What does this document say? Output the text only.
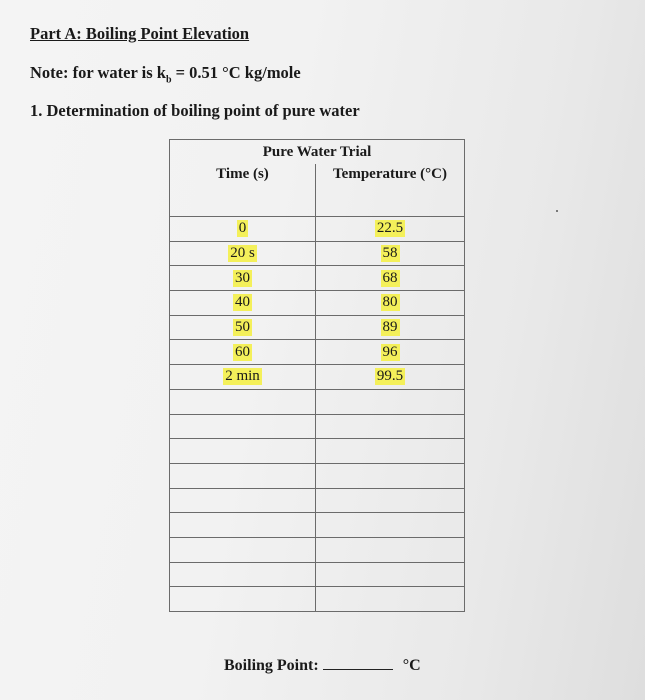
Part A: Boiling Point Elevation
Note: for water is $k_b = 0.51$ °C kg/mole
1. Determination of boiling point of pure water
Pure Water Trial	
Time (s)	Temperature (°C)
0	22.5
20 s	58
30	68
40	80
50	89
60	96
2 min	99.5

Boiling Point:	°C
